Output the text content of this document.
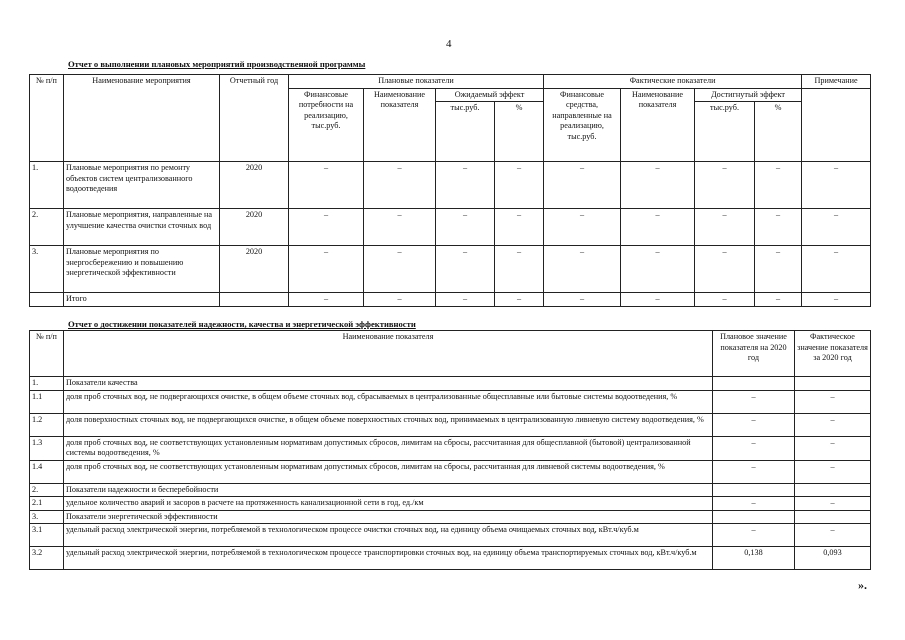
4
Отчет о выполнении плановых мероприятий производственной программы
№ п/п	Наименование мероприятия	Отчетный год	Плановые показатели				Фактические показатели				Примечание
			Финансовые потребности на реализацию, тыс.руб.	Наименование показателя	Ожидаемый эффект		Финансовые средства, направленные на реализацию, тыс.руб.	Наименование показателя	Достигнутый эффект		
					тыс.руб.	%			тыс.руб.	%	
1.	Плановые мероприятия по ремонту объектов систем централизованного водоотведения	2020	–	–	–	–	–	–	–	–	–
2.	Плановые мероприятия, направленные на улучшение качества очистки сточных вод	2020	–	–	–	–	–	–	–	–	–
3.	Плановые мероприятия по энергосбережению и повышению энергетической эффективности	2020	–	–	–	–	–	–	–	–	–
	Итого		–	–	–	–	–	–	–	–	–
Отчет о достижении показателей надежности, качества и энергетической эффективности
№ п/п	Наименование показателя	Плановое значение показателя на 2020 год	Фактическое значение показателя за 2020 год
1.	Показатели качества		
1.1	доля проб сточных вод, не подвергающихся очистке, в общем объеме сточных вод, сбрасываемых в централизованные общесплавные или бытовые системы водоотведения, %	–	–
1.2	доля поверхностных сточных вод, не подвергающихся очистке, в общем объеме поверхностных сточных вод, принимаемых в централизованную ливневую систему водоотведения, %	–	–
1.3	доля проб сточных вод, не соответствующих установленным нормативам допустимых сбросов, лимитам на сбросы, рассчитанная для общесплавной (бытовой) централизованной системы водоотведения, %	–	–
1.4	доля проб сточных вод, не соответствующих установленным нормативам допустимых сбросов, лимитам на сбросы, рассчитанная для ливневой системы водоотведения, %	–	–
2.	Показатели надежности и бесперебойности		
2.1	удельное количество аварий и засоров в расчете на протяженность канализационной сети в год, ед./км	–	–
3.	Показатели энергетической эффективности		
3.1	удельный расход электрической энергии, потребляемой в технологическом процессе очистки сточных вод, на единицу объема очищаемых сточных вод, кВт.ч/куб.м	–	–
3.2	удельный расход электрической энергии, потребляемой в технологическом процессе транспортировки сточных вод, на единицу объема транспортируемых сточных вод, кВт.ч/куб.м	0,138	0,093
».
